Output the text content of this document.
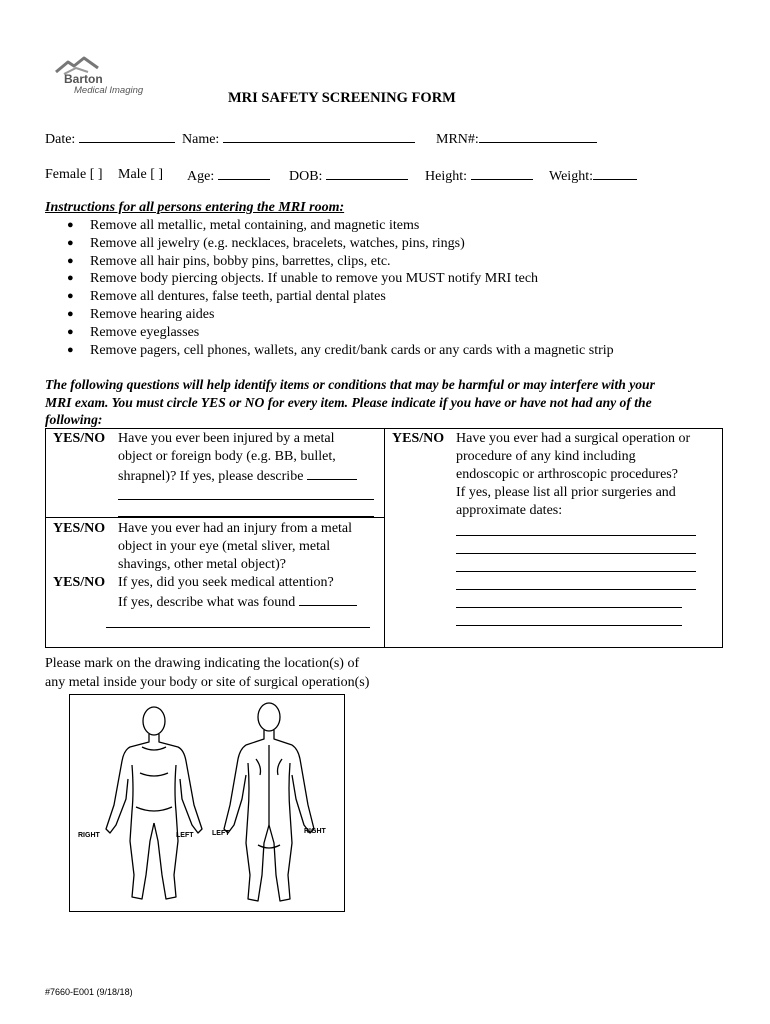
Barton
Medical Imaging	MRI SAFETY SCREENING FORM
Date:	Name:	MRN#:
Female [ ] Male [ ] Age:	DOB:	Height:	Weight:
Instructions for all persons entering the MRI room:
● Remove all metallic, metal containing, and magnetic items
● Remove all jewelry (e.g. necklaces, bracelets, watches, pins, rings)
● Remove all hair pins, bobby pins, barrettes, clips, etc.
● Remove body piercing objects. If unable to remove you MUST notify MRI tech
● Remove all dentures, false teeth, partial dental plates
● Remove hearing aides
● Remove eyeglasses
● Remove pagers, cell phones, wallets, any credit/bank cards or any cards with a magnetic strip
The following questions will help identify items or conditions that may be harmful or may interfere with your
MRI exam. You must circle YES or NO for every item. Please indicate if you have or have not had any of the
following:
YES/NO Have you ever been injured by a metal
object or foreign body (e.g. BB, bullet,
shrapnel)? If yes, please describe
YES/NO Have you ever had an injury from a metal
object in your eye (metal sliver, metal
shavings, other metal object)?
YES/NO If yes, did you seek medical attention?
If yes, describe what was found
YES/NO Have you ever had a surgical operation or
procedure of any kind including
endoscopic or arthroscopic procedures?
If yes, please list all prior surgeries and
approximate dates:
Please mark on the drawing indicating the location(s) of
any metal inside your body or site of surgical operation(s)
RIGHT	LEFT	LEFT	RIGHT
#7660-E001 (9/18/18)
